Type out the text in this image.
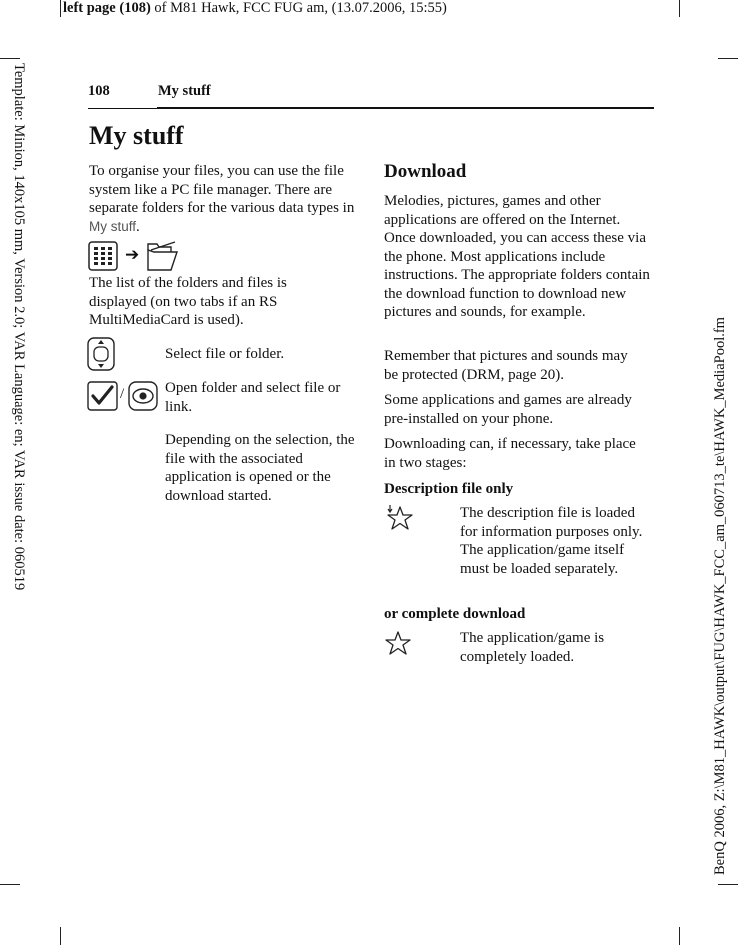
left page (108) of M81 Hawk, FCC FUG am, (13.07.2006, 15:55)
Template: Minion, 140x105 mm, Version 2.0; VAR Language: en; VAR issue date: 060519	BenQ 2006, Z:\M81_HAWK\output\FUG\HAWK_FCC_am_060713_te\HAWK_MediaPool.fm
108	My stuff
My stuff

To organise your files, you can use the file system like a PC file manager. There are separate folders for the various data types in My stuff.

➔

The list of the folders and files is displayed (on two tabs if an RS MultiMediaCard is used).

Select file or folder.

/	Open folder and select file or link.

Depending on the selection, the file with the associated application is opened or the download started.

Download

Melodies, pictures, games and other applications are offered on the Internet. Once downloaded, you can access these via the phone. Most applications include instructions. The appropriate folders contain the download function to download new pictures and sounds, for example.

Remember that pictures and sounds may be protected (DRM, page 20).

Some applications and games are already pre-installed on your phone.

Downloading can, if necessary, take place in two stages:

Description file only

The description file is loaded for information purposes only. The application/game itself must be loaded separately.

or complete download

The application/game is completely loaded.
